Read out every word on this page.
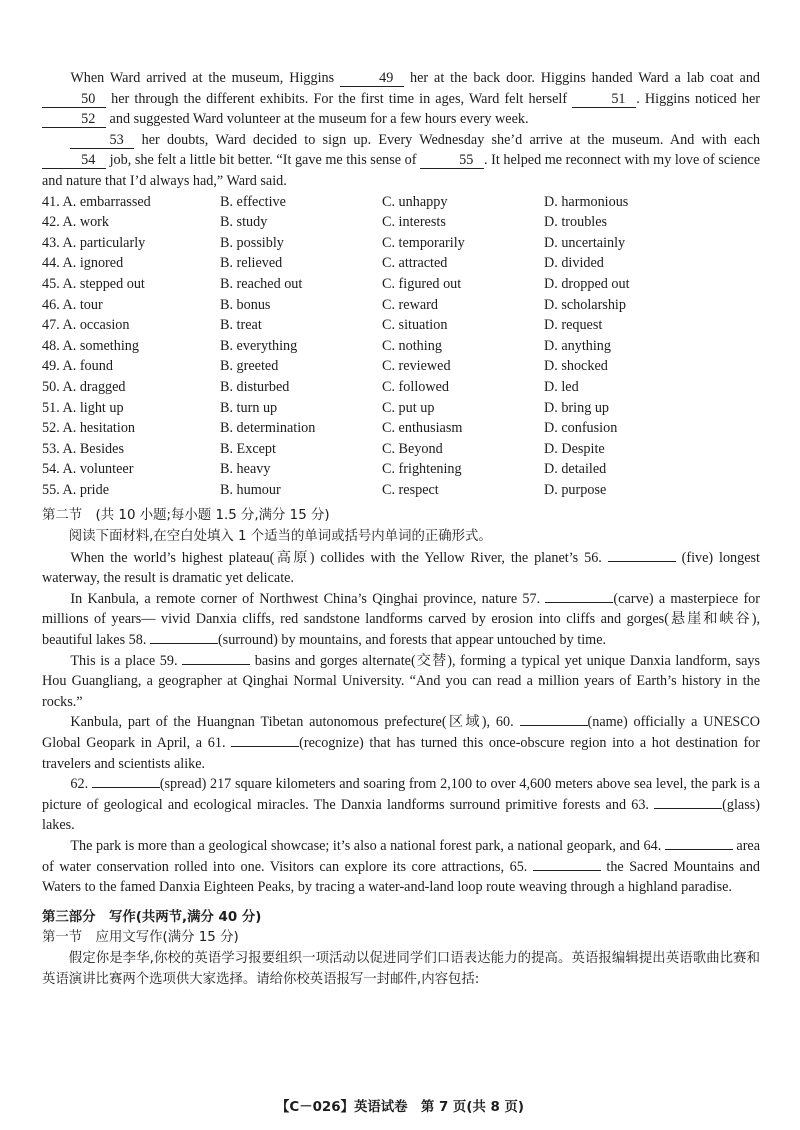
When Ward arrived at the museum, Higgins	49 her at the back door. Higgins handed Ward a lab coat and 50 her through the different exhibits. For the first time in ages, Ward felt herself	51 . Higgins noticed her 52 and suggested Ward volunteer at the museum for a few hours every week.

53 her doubts, Ward decided to sign up. Every Wednesday she’d arrive at the museum. And with each 54 job, she felt a little bit better. “It gave me this sense of	55 . It helped me reconnect with my love of science and nature that I’d always had,” Ward said.

41. A. embarrassed	B. effective	C. unhappy	D. harmonious
42. A. work	B. study	C. interests	D. troubles
43. A. particularly	B. possibly	C. temporarily	D. uncertainly
44. A. ignored	B. relieved	C. attracted	D. divided
45. A. stepped out	B. reached out	C. figured out	D. dropped out
46. A. tour	B. bonus	C. reward	D. scholarship
47. A. occasion	B. treat	C. situation	D. request
48. A. something	B. everything	C. nothing	D. anything
49. A. found	B. greeted	C. reviewed	D. shocked
50. A. dragged	B. disturbed	C. followed	D. led
51. A. light up	B. turn up	C. put up	D. bring up
52. A. hesitation	B. determination	C. enthusiasm	D. confusion
53. A. Besides	B. Except	C. Beyond	D. Despite
54. A. volunteer	B. heavy	C. frightening	D. detailed
55. A. pride	B. humour	C. respect	D. purpose

第二节　(共 10 小题;每小题 1.5 分,满分 15 分)

阅读下面材料,在空白处填入 1 个适当的单词或括号内单词的正确形式。

When the world’s highest plateau(高原) collides with the Yellow River, the planet’s 56.	(five) longest waterway, the result is dramatic yet delicate.

In Kanbula, a remote corner of Northwest China’s Qinghai province, nature 57.	(carve) a masterpiece for millions of years— vivid Danxia cliffs, red sandstone landforms carved by erosion into cliffs and gorges(悬崖和峡谷), beautiful lakes 58.	(surround) by mountains, and forests that appear untouched by time.

This is a place 59.	basins and gorges alternate(交替), forming a typical yet unique Danxia landform, says Hou Guangliang, a geographer at Qinghai Normal University. “And you can read a million years of Earth’s history in the rocks.”

Kanbula, part of the Huangnan Tibetan autonomous prefecture(区域), 60.	(name) officially a UNESCO Global Geopark in April, a 61.	(recognize) that has turned this once-obscure region into a hot destination for travelers and scientists alike.

62.	(spread) 217 square kilometers and soaring from 2,100 to over 4,600 meters above sea level, the park is a picture of geological and ecological miracles. The Danxia landforms surround primitive forests and 63.	(glass) lakes.

The park is more than a geological showcase; it’s also a national forest park, a national geopark, and 64.	area of water conservation rolled into one. Visitors can explore its core attractions, 65.	the Sacred Mountains and Waters to the famed Danxia Eighteen Peaks, by tracing a water-and-land loop route weaving through a highland paradise.

第三部分　写作(共两节,满分 40 分)

第一节　应用文写作(满分 15 分)

假定你是李华,你校的英语学习报要组织一项活动以促进同学们口语表达能力的提高。英语报编辑提出英语歌曲比赛和英语演讲比赛两个选项供大家选择。请给你校英语报写一封邮件,内容包括:

【C－026】英语试卷　第 7 页(共 8 页)
